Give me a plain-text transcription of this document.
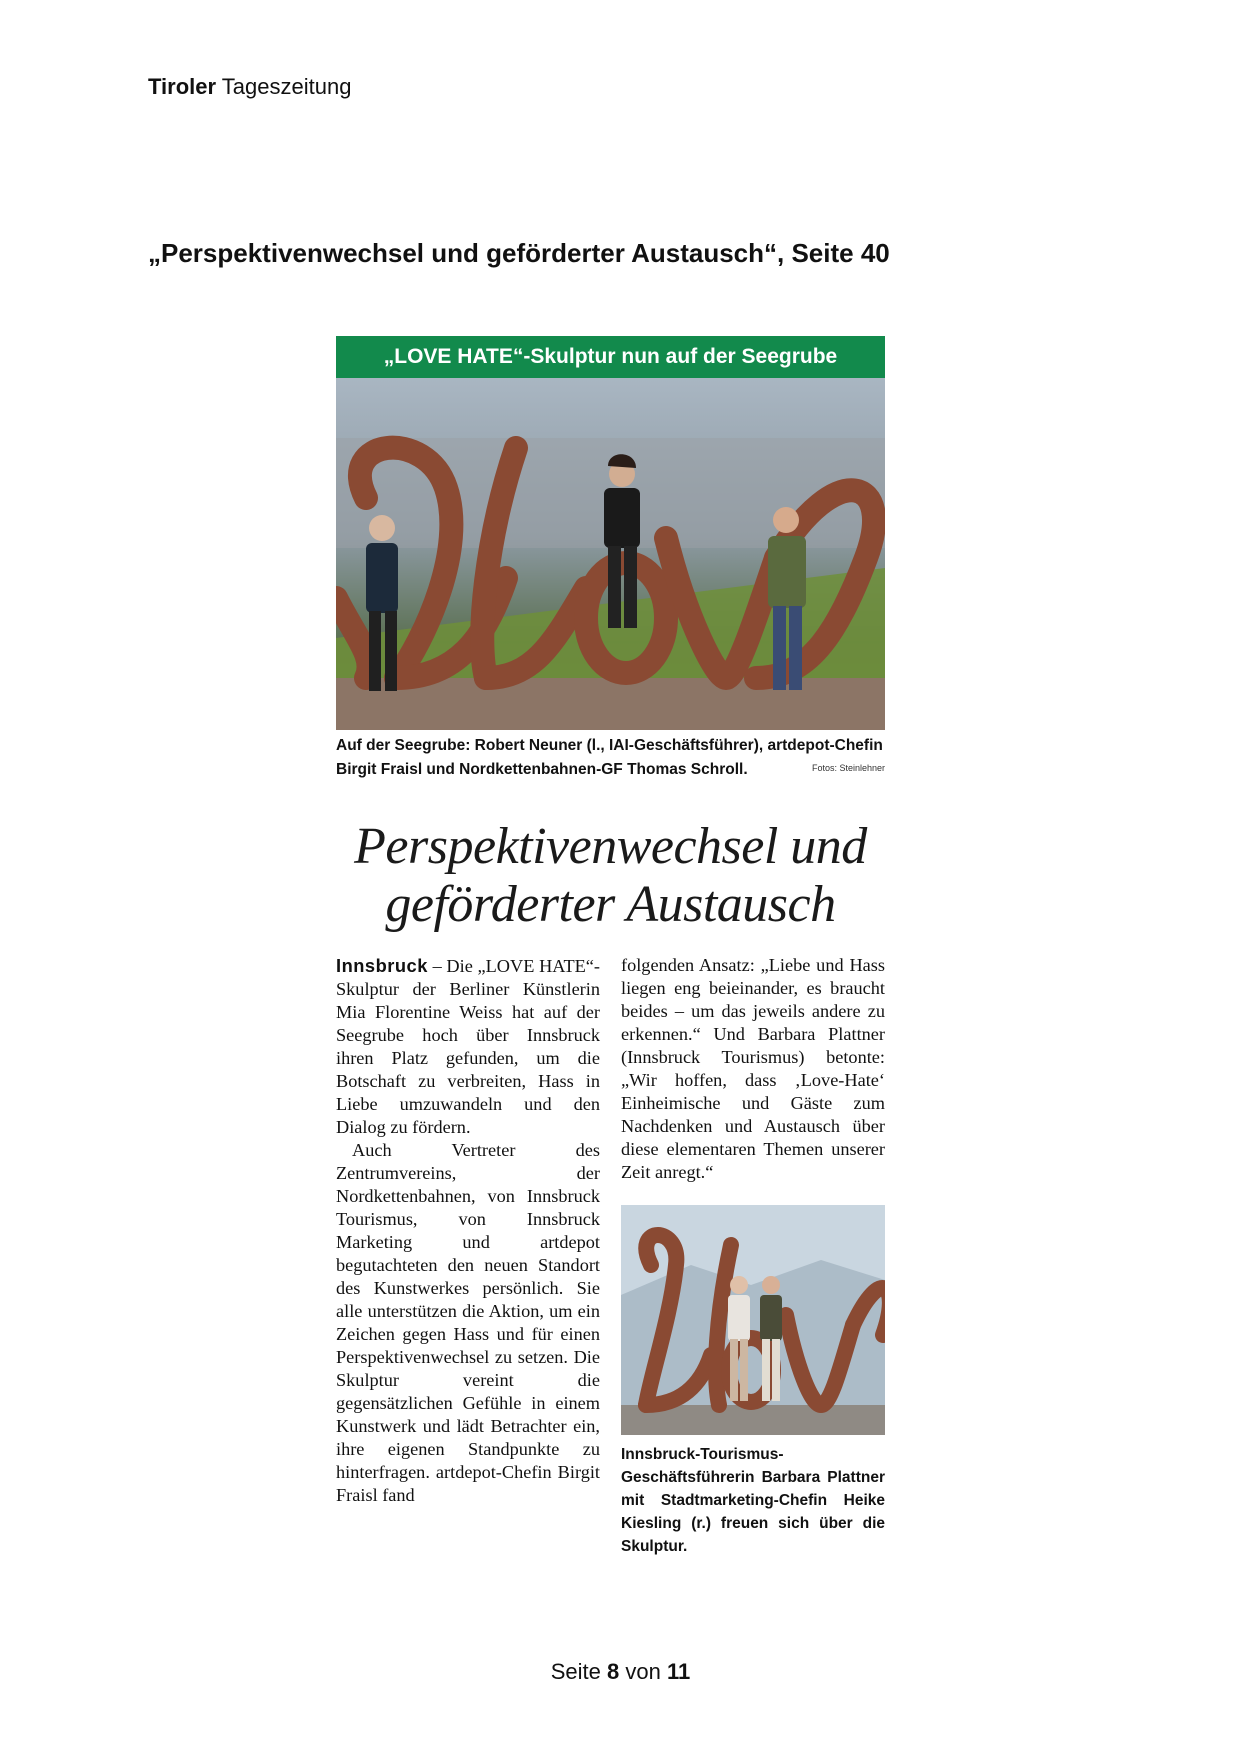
Tiroler Tageszeitung
„Perspektivenwechsel und geförderter Austausch“, Seite 40
„LOVE HATE“-Skulptur nun auf der Seegrube
Auf der Seegrube: Robert Neuner (l., IAI-Geschäftsführer), artdepot-Chefin Birgit Fraisl und Nordkettenbahnen-GF Thomas Schroll.	Fotos: Steinlehner
Perspektivenwechsel und
geförderter Austausch

Innsbruck – Die „LOVE HATE“-Skulptur der Berliner Künstlerin Mia Florentine Weiss hat auf der Seegrube hoch über Innsbruck ihren Platz gefunden, um die Botschaft zu verbreiten, Hass in Liebe umzuwandeln und den Dialog zu fördern.

Auch Vertreter des Zentrumvereins, der Nordkettenbahnen, von Innsbruck Tourismus, von Innsbruck Marketing und artdepot begutachteten den neuen Standort des Kunstwerkes persönlich. Sie alle unterstützen die Aktion, um ein Zeichen gegen Hass und für einen Perspektivenwechsel zu setzen. Die Skulptur vereint die gegensätzlichen Gefühle in einem Kunstwerk und lädt Betrachter ein, ihre eigenen Standpunkte zu hinterfragen. artdepot-Chefin Birgit Fraisl fand

folgenden Ansatz: „Liebe und Hass liegen eng beieinander, es braucht beides – um das jeweils andere zu erkennen.“ Und Barbara Plattner (Innsbruck Tourismus) betonte: „Wir hoffen, dass ‚Love-Hate‘ Einheimische und Gäste zum Nachdenken und Austausch über diese elementaren Themen unserer Zeit anregt.“

Innsbruck-Tourismus-Geschäftsführerin Barbara Plattner mit Stadtmarketing-Chefin Heike Kiesling (r.) freuen sich über die Skulptur.
Seite 8 von 11
